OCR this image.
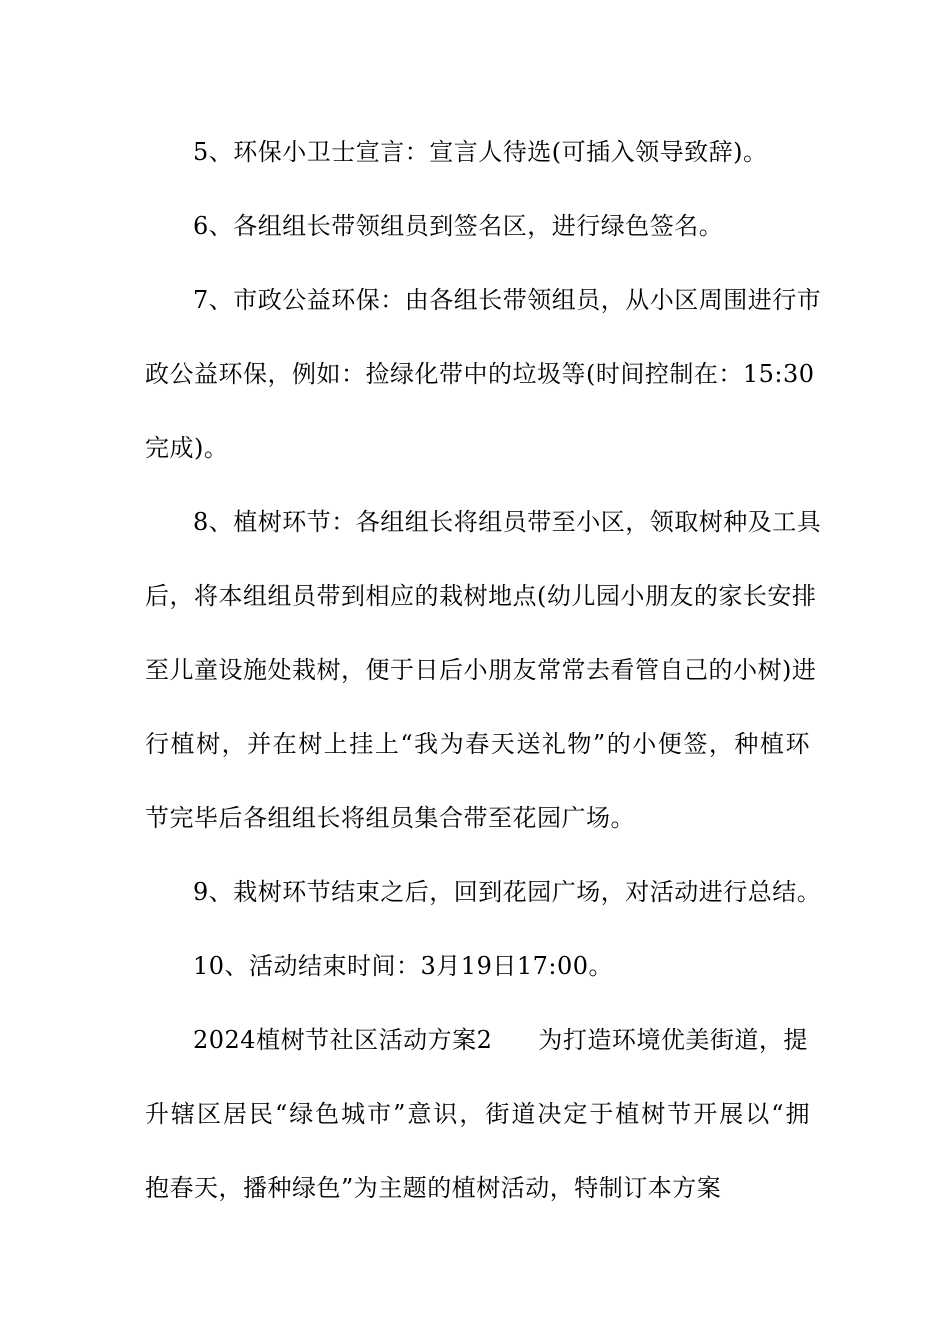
5、环保小卫士宣言：宣言人待选(可插入领导致辞)。
6、各组组长带领组员到签名区，进行绿色签名。
7、市政公益环保：由各组长带领组员，从小区周围进行市
政公益环保，例如：捡绿化带中的垃圾等(时间控制在：15:30
完成)。
8、植树环节：各组组长将组员带至小区，领取树种及工具
后，将本组组员带到相应的栽树地点(幼儿园小朋友的家长安排
至儿童设施处栽树，便于日后小朋友常常去看管自己的小树)进
行植树，并在树上挂上“我为春天送礼物”的小便签，种植环
节完毕后各组组长将组员集合带至花园广场。
9、栽树环节结束之后，回到花园广场，对活动进行总结。
10、活动结束时间：3月19日17:00。
2024植树节社区活动方案2 为打造环境优美街道，提
升辖区居民“绿色城市”意识，街道决定于植树节开展以“拥
抱春天，播种绿色”为主题的植树活动，特制订本方案
